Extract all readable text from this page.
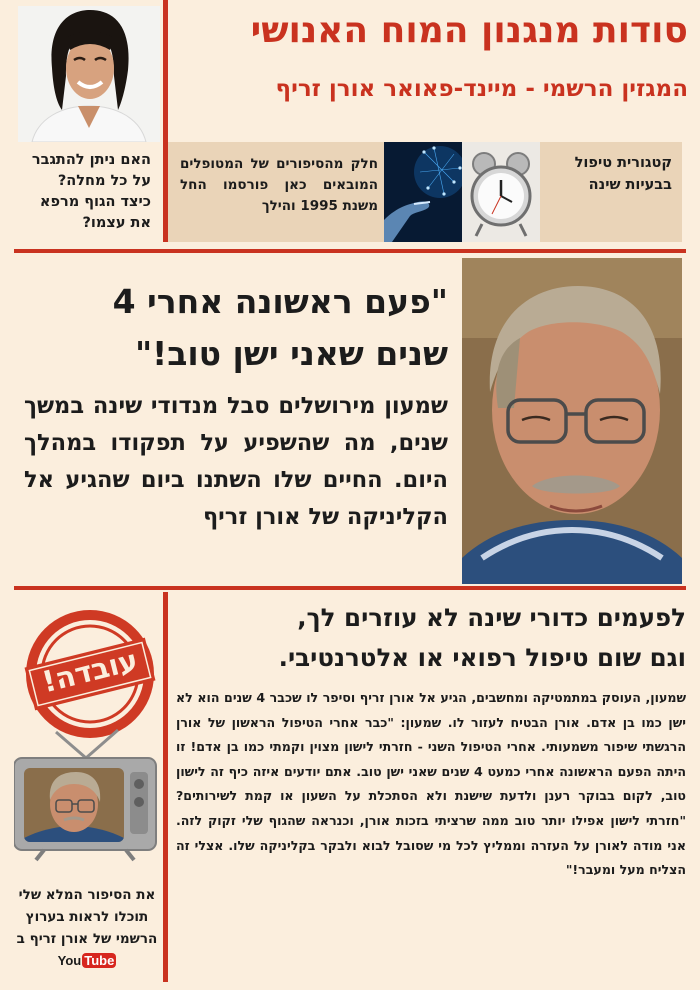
סודות מנגנון המוח האנושי
המגזין הרשמי - מיינד-פאואר אורן זריף
האם ניתן להתגבר על כל מחלה? כיצד הגוף מרפא את עצמו?
חלק מהסיפורים של המטופלים המובאים כאן פורסמו החל משנת 1995 והילך
קטגורית טיפול בבעיות שינה
"פעם ראשונה אחרי 4
שנים שאני ישן טוב!"
שמעון מירושלים סבל מנדודי שינה במשך שנים, מה שהשפיע על תפקודו במהלך היום. החיים שלו השתנו ביום שהגיע אל הקליניקה של אורן זריף
לפעמים כדורי שינה לא עוזרים לך,
וגם שום טיפול רפואי או אלטרנטיבי.
שמעון, העוסק במתמטיקה ומחשבים, הגיע אל אורן זריף וסיפר לו שכבר 4 שנים הוא לא ישן כמו בן אדם. אורן הבטיח לעזור לו. שמעון: "כבר אחרי הטיפול הראשון של אורן הרגשתי שיפור משמעותי. אחרי הטיפול השני - חזרתי לישון מצוין וקמתי כמו בן אדם! זו היתה הפעם הראשונה אחרי כמעט 4 שנים שאני ישן טוב. אתם יודעים איזה כיף זה לישון טוב, לקום בבוקר רענן ולדעת שישנת ולא הסתכלת על השעון או קמת לשירותים? "חזרתי לישון אפילו יותר טוב ממה שרציתי בזכות אורן, וכנראה שהגוף שלי זקוק לזה. אני מודה לאורן על העזרה וממליץ לכל מי שסובל לבוא ולבקר בקליניקה שלו. אצלי זה הצליח מעל ומעבר!"
עובדה!
את הסיפור המלא שלי תוכלו לראות בערוץ הרשמי של אורן זריף ב You Tube
